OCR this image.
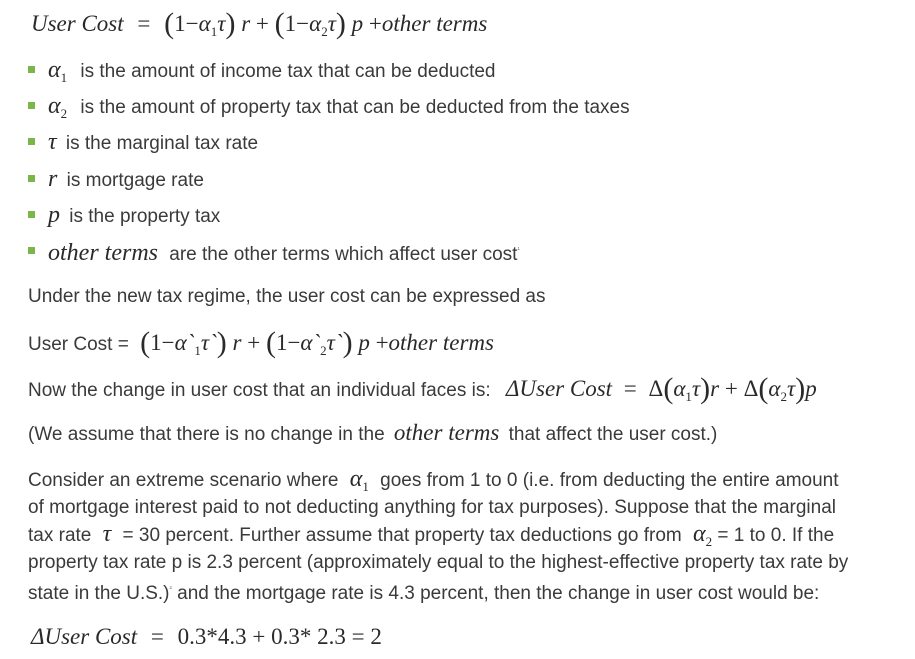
User Cost = $(1-\alpha_1\tau) r + (1-\alpha_2\tau)$ p +other terms
$\alpha_1$ is the amount of income tax that can be deducted
$\alpha_2$ is the amount of property tax that can be deducted from the taxes
τ is the marginal tax rate
r is mortgage rate
p is the property tax
other terms are the other terms which affect user cost$^{^1}$
Under the new tax regime, the user cost can be expressed as
User Cost = $(1-\alpha`_1\tau`) r$ + $(1-\alpha`_2\tau`)$ p +other terms
Now the change in user cost that an individual faces is: ΔUser Cost = $\Delta(\alpha_1\tau)r + \Delta(\alpha_2\tau)p$
(We assume that there is no change in the other terms that affect the user cost.)
Consider an extreme scenario where $\alpha_1$ goes from 1 to 0 (i.e. from deducting the entire amount
of mortgage interest paid to not deducting anything for tax purposes). Suppose that the marginal
tax rate τ = 30 percent. Further assume that property tax deductions go from $\alpha_2 = 1$ to 0. If the
property tax rate p is 2.3 percent (approximately equal to the highest-effective property tax rate by
state in the U.S.)$^{^2}$ and the mortgage rate is 4.3 percent, then the change in user cost would be:
ΔUser Cost = 0.3*4.3 + 0.3* 2.3 = 2
